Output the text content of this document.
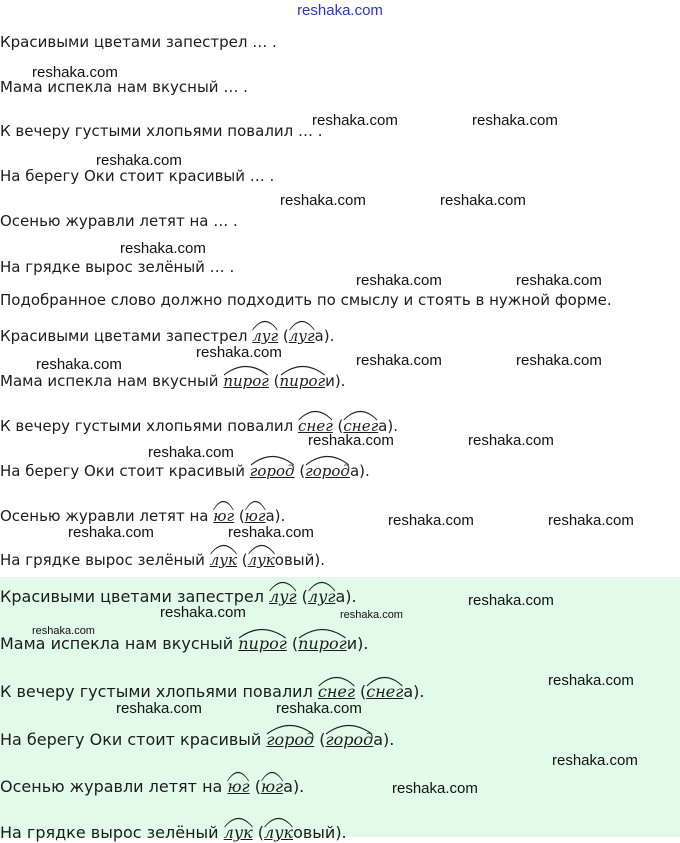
reshaka.com
Красивыми цветами запестрел … .
Мама испекла нам вкусный … .
К вечеру густыми хлопьями повалил … .
На берегу Оки стоит красивый … .
Осенью журавли летят на … .
На грядке вырос зелёный … .
Подобранное слово должно подходить по смыслу и стоять в нужной форме.
Красивыми цветами запестрел луг (
луга).
Мама испекла нам вкусный пирог (
пироги).
К вечеру густыми хлопьями повалил снег (
снега).
На берегу Оки стоит красивый город (
города).
Осенью журавли летят на юг (
юга).
На грядке вырос зелёный лук (
луковый).
Красивыми цветами запестрел луг (
луга).
Мама испекла нам вкусный пирог (
пироги).
К вечеру густыми хлопьями повалил снег (
снега).
На берегу Оки стоит красивый город (
города).
Осенью журавли летят на юг (
юга).
На грядке вырос зелёный лук (
луковый).
reshaka.com
reshaka.com	reshaka.com
reshaka.com
reshaka.com	reshaka.com
reshaka.com
reshaka.com	reshaka.com
reshaka.com
reshaka.com	reshaka.com	reshaka.com
reshaka.com	reshaka.com
reshaka.com
reshaka.com	reshaka.com
reshaka.com	reshaka.com
reshaka.com
reshaka.com	reshaka.com
reshaka.com
reshaka.com
reshaka.com	reshaka.com
reshaka.com
reshaka.com
